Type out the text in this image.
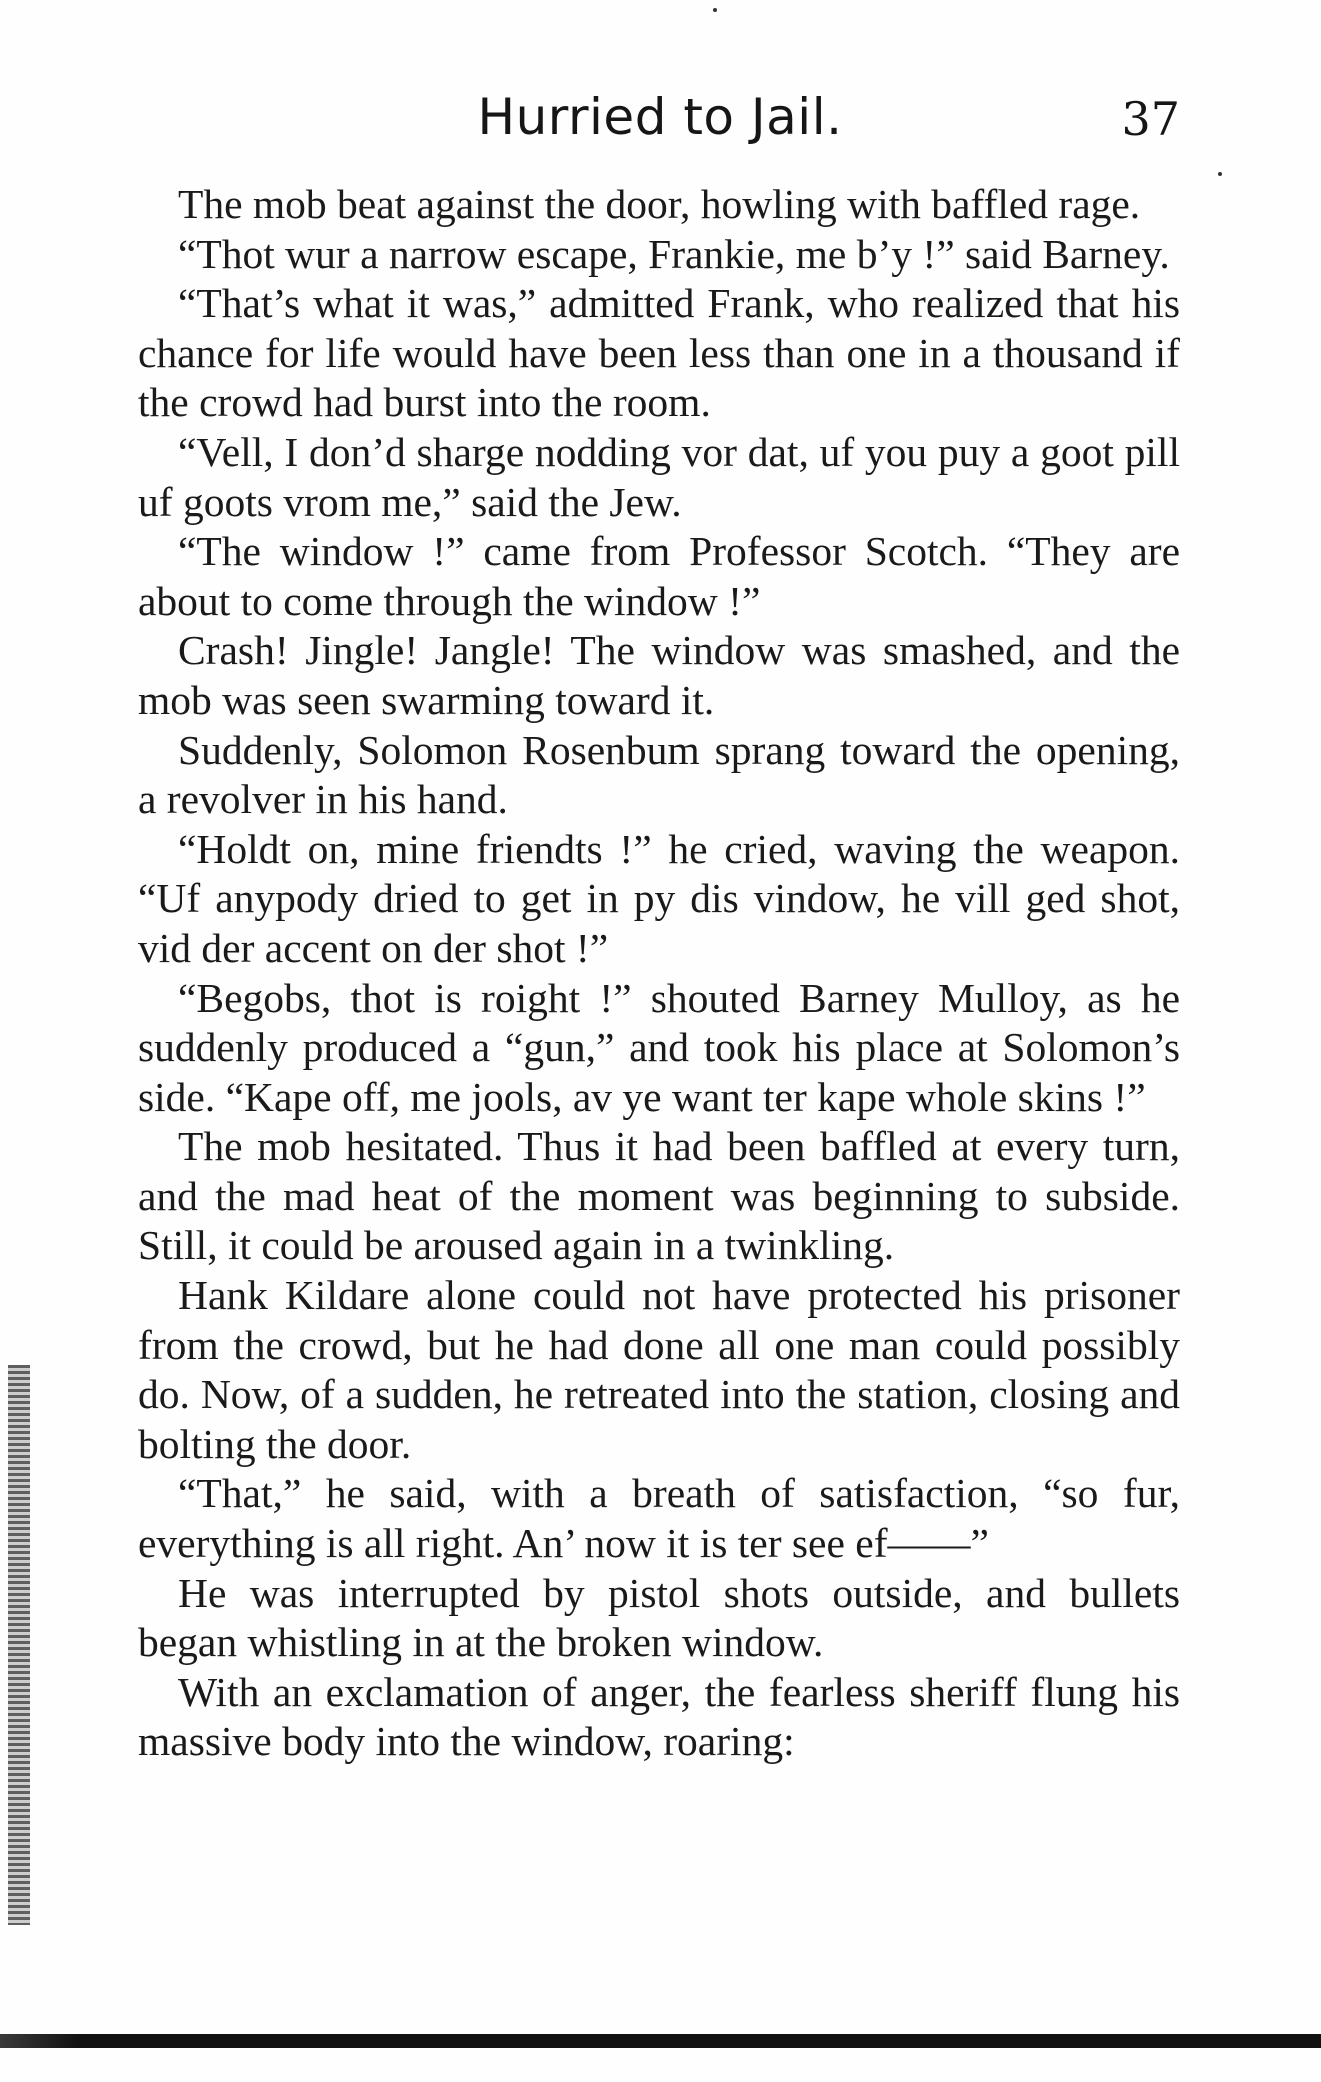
Hurried to Jail.	37

The mob beat against the door, howling with baffled rage.

“Thot wur a narrow escape, Frankie, me b’y !” said Barney.

“That’s what it was,” admitted Frank, who realized that his chance for life would have been less than one in a thousand if the crowd had burst into the room.

“Vell, I don’d sharge nodding vor dat, uf you puy a goot pill uf goots vrom me,” said the Jew.

“The window !” came from Professor Scotch. “They are about to come through the window !”

Crash! Jingle! Jangle! The window was smashed, and the mob was seen swarming toward it.

Suddenly, Solomon Rosenbum sprang toward the opening, a revolver in his hand.

“Holdt on, mine friendts !” he cried, waving the weapon. “Uf anypody dried to get in py dis vindow, he vill ged shot, vid der accent on der shot !”

“Begobs, thot is roight !” shouted Barney Mulloy, as he suddenly produced a “gun,” and took his place at Solomon’s side. “Kape off, me jools, av ye want ter kape whole skins !”

The mob hesitated. Thus it had been baffled at every turn, and the mad heat of the moment was beginning to subside. Still, it could be aroused again in a twinkling.

Hank Kildare alone could not have protected his prisoner from the crowd, but he had done all one man could possibly do. Now, of a sudden, he retreated into the station, closing and bolting the door.

“That,” he said, with a breath of satisfaction, “so fur, everything is all right. An’ now it is ter see ef——”

He was interrupted by pistol shots outside, and bullets began whistling in at the broken window.

With an exclamation of anger, the fearless sheriff flung his massive body into the window, roaring:
